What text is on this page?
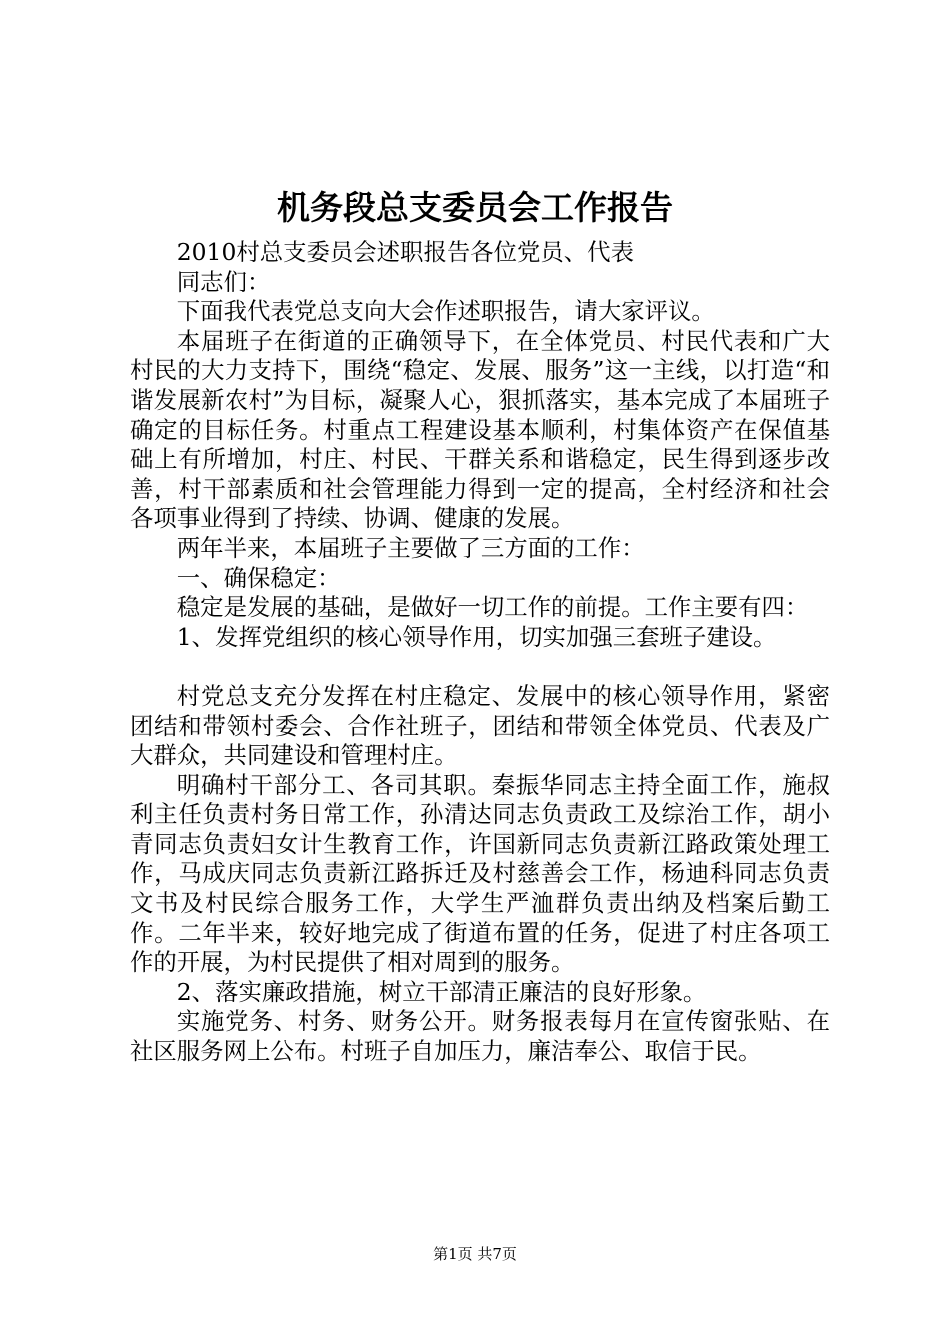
机务段总支委员会工作报告

2010村总支委员会述职报告各位党员、代表

同志们：

下面我代表党总支向大会作述职报告，请大家评议。

本届班子在街道的正确领导下，在全体党员、村民代表和广大村民的大力支持下，围绕“稳定、发展、服务”这一主线，以打造“和谐发展新农村”为目标，凝聚人心，狠抓落实，基本完成了本届班子确定的目标任务。村重点工程建设基本顺利，村集体资产在保值基础上有所增加，村庄、村民、干群关系和谐稳定，民生得到逐步改善，村干部素质和社会管理能力得到一定的提高，全村经济和社会各项事业得到了持续、协调、健康的发展。

两年半来，本届班子主要做了三方面的工作：

一、确保稳定：

稳定是发展的基础，是做好一切工作的前提。工作主要有四：

1、发挥党组织的核心领导作用，切实加强三套班子建设。

村党总支充分发挥在村庄稳定、发展中的核心领导作用，紧密团结和带领村委会、合作社班子，团结和带领全体党员、代表及广大群众，共同建设和管理村庄。

明确村干部分工、各司其职。秦振华同志主持全面工作，施叔利主任负责村务日常工作，孙清达同志负责政工及综治工作，胡小青同志负责妇女计生教育工作，许国新同志负责新江路政策处理工作，马成庆同志负责新江路拆迁及村慈善会工作，杨迪科同志负责文书及村民综合服务工作，大学生严洫群负责出纳及档案后勤工作。二年半来，较好地完成了街道布置的任务，促进了村庄各项工作的开展，为村民提供了相对周到的服务。

2、落实廉政措施，树立干部清正廉洁的良好形象。

实施党务、村务、财务公开。财务报表每月在宣传窗张贴、在社区服务网上公布。村班子自加压力，廉洁奉公、取信于民。

第1页 共7页
